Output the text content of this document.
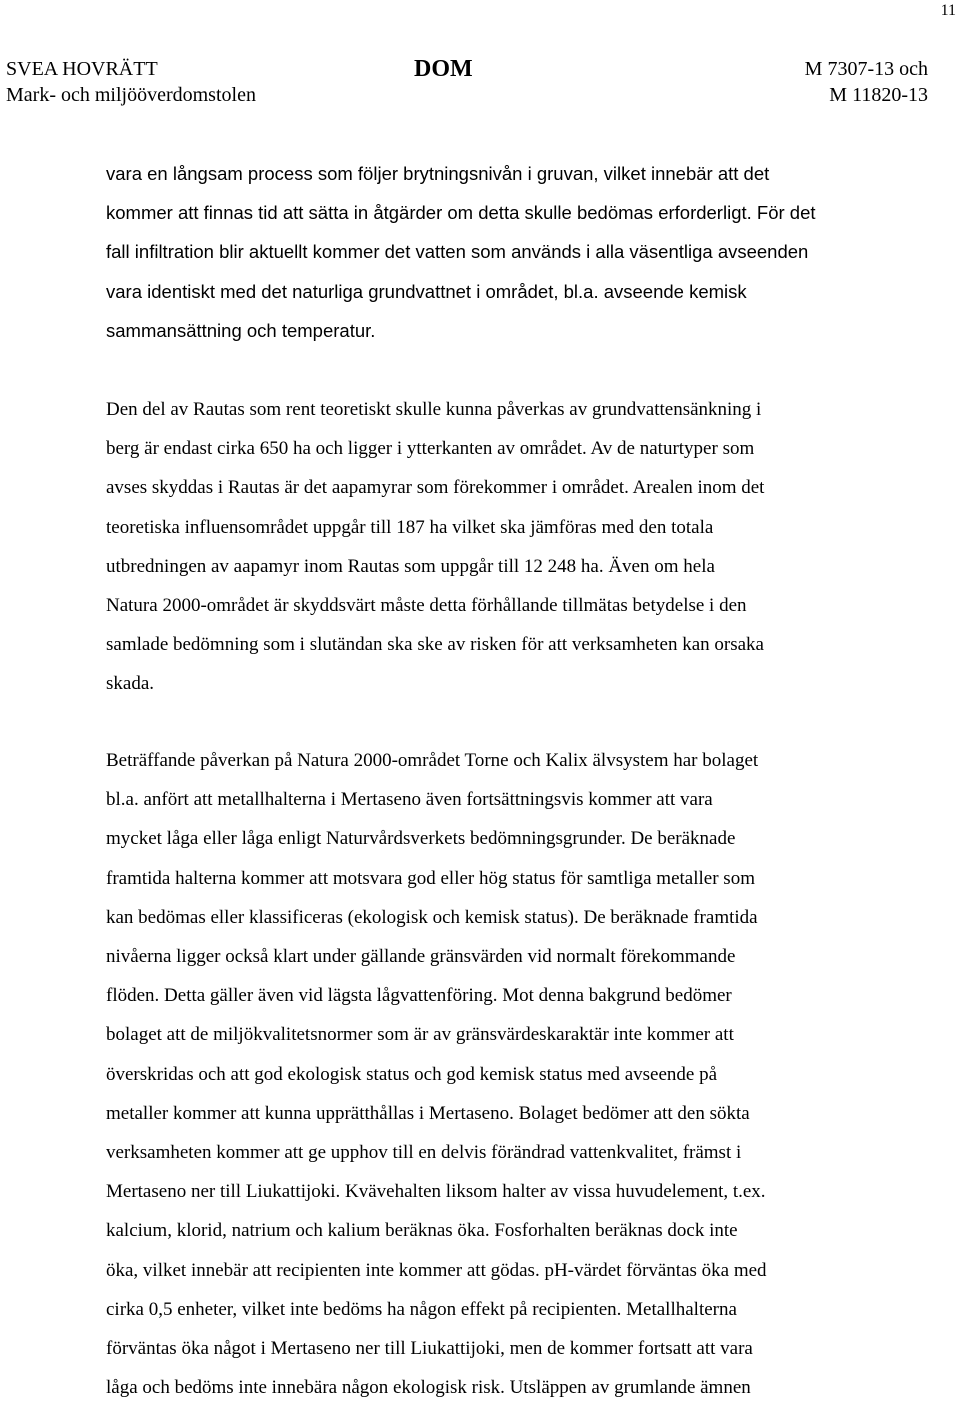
11
SVEA HOVRÄTT
Mark- och miljööverdomstolen
DOM	M 7307-13 och
M 11820-13
vara en långsam process som följer brytningsnivån i gruvan, vilket innebär att det
kommer att finnas tid att sätta in åtgärder om detta skulle bedömas erforderligt. För det
fall infiltration blir aktuellt kommer det vatten som används i alla väsentliga avseenden
vara identiskt med det naturliga grundvattnet i området, bl.a. avseende kemisk
sammansättning och temperatur.
Den del av Rautas som rent teoretiskt skulle kunna påverkas av grundvattensänkning i
berg är endast cirka 650 ha och ligger i ytterkanten av området. Av de naturtyper som
avses skyddas i Rautas är det aapamyrar som förekommer i området. Arealen inom det
teoretiska influensområdet uppgår till 187 ha vilket ska jämföras med den totala
utbredningen av aapamyr inom Rautas som uppgår till 12 248 ha. Även om hela
Natura 2000-området är skyddsvärt måste detta förhållande tillmätas betydelse i den
samlade bedömning som i slutändan ska ske av risken för att verksamheten kan orsaka
skada.
Beträffande påverkan på Natura 2000-området Torne och Kalix älvsystem har bolaget
bl.a. anfört att metallhalterna i Mertaseno även fortsättningsvis kommer att vara
mycket låga eller låga enligt Naturvårdsverkets bedömningsgrunder. De beräknade
framtida halterna kommer att motsvara god eller hög status för samtliga metaller som
kan bedömas eller klassificeras (ekologisk och kemisk status). De beräknade framtida
nivåerna ligger också klart under gällande gränsvärden vid normalt förekommande
flöden. Detta gäller även vid lägsta lågvattenföring. Mot denna bakgrund bedömer
bolaget att de miljökvalitetsnormer som är av gränsvärdeskaraktär inte kommer att
överskridas och att god ekologisk status och god kemisk status med avseende på
metaller kommer att kunna upprätthållas i Mertaseno. Bolaget bedömer att den sökta
verksamheten kommer att ge upphov till en delvis förändrad vattenkvalitet, främst i
Mertaseno ner till Liukattijoki. Kvävehalten liksom halter av vissa huvudelement, t.ex.
kalcium, klorid, natrium och kalium beräknas öka. Fosforhalten beräknas dock inte
öka, vilket innebär att recipienten inte kommer att gödas. pH-värdet förväntas öka med
cirka 0,5 enheter, vilket inte bedöms ha någon effekt på recipienten. Metallhalterna
förväntas öka något i Mertaseno ner till Liukattijoki, men de kommer fortsatt att vara
låga och bedöms inte innebära någon ekologisk risk. Utsläppen av grumlande ämnen
